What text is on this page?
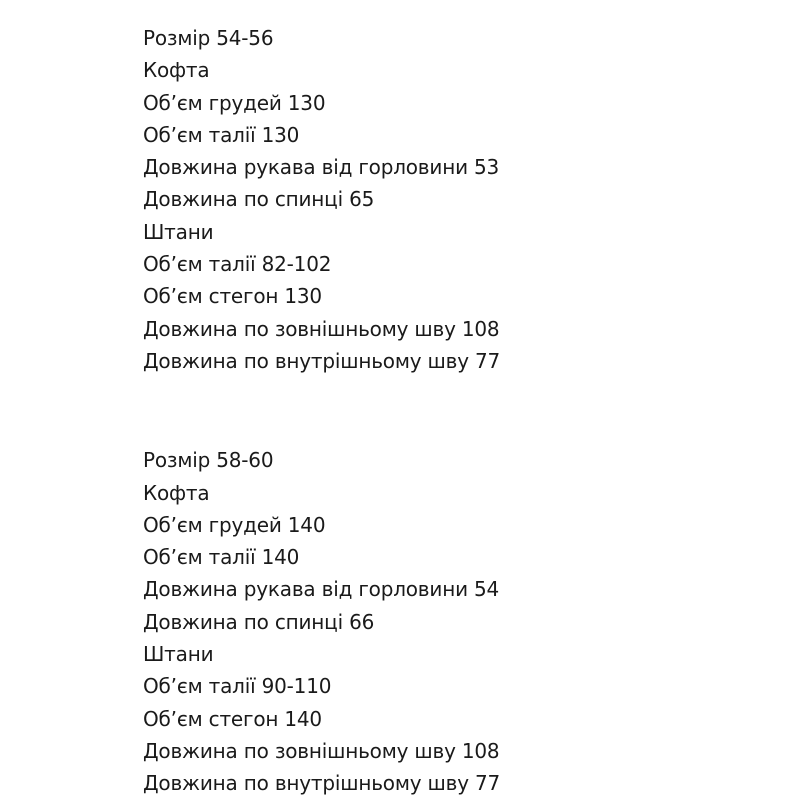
Розмір 54-56
Кофта
Об’єм грудей 130
Об’єм талії 130
Довжина рукава від горловини 53
Довжина по спинці 65
Штани
Об’єм талії 82-102
Об’єм стегон 130
Довжина по зовнішньому шву 108
Довжина по внутрішньому шву 77
Розмір 58-60
Кофта
Об’єм грудей 140
Об’єм талії 140
Довжина рукава від горловини 54
Довжина по спинці 66
Штани
Об’єм талії 90-110
Об’єм стегон 140
Довжина по зовнішньому шву 108
Довжина по внутрішньому шву 77
